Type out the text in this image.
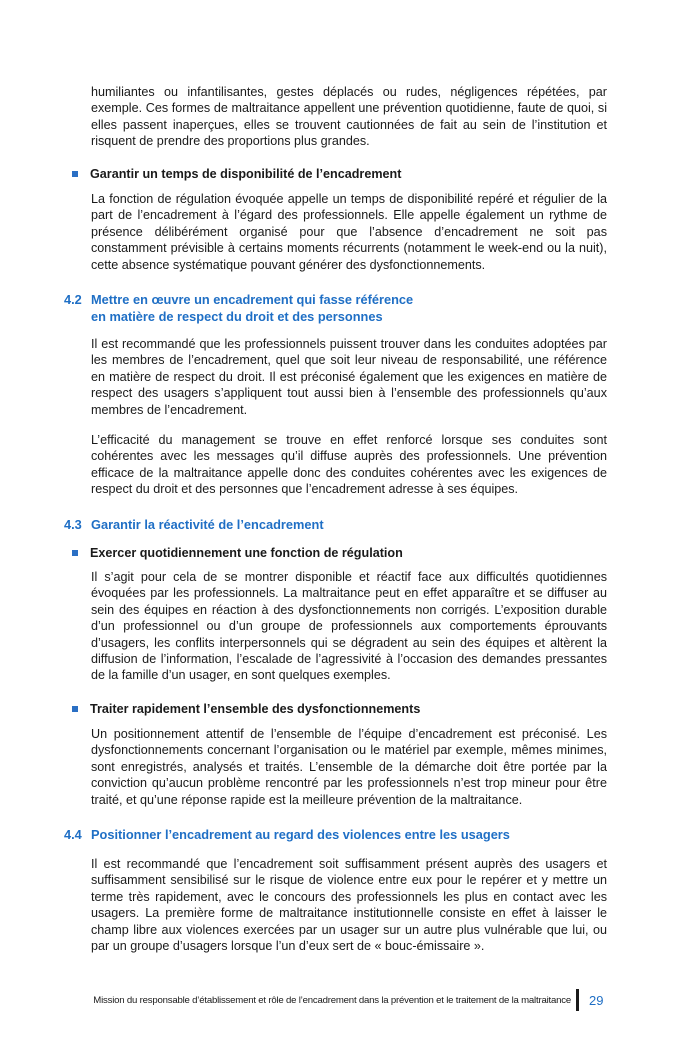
humiliantes ou infantilisantes, gestes déplacés ou rudes, négligences répétées, par exemple. Ces formes de maltraitance appellent une prévention quotidienne, faute de quoi, si elles passent inaperçues, elles se trouvent cautionnées de fait au sein de l’institution et risquent de prendre des proportions plus grandes.

Garantir un temps de disponibilité de l’encadrement

La fonction de régulation évoquée appelle un temps de disponibilité repéré et régulier de la part de l’encadrement à l’égard des professionnels. Elle appelle également un rythme de présence délibérément organisé pour que l’absence d’encadrement ne soit pas constamment prévisible à certains moments récurrents (notamment le week-end ou la nuit), cette absence systématique pouvant générer des dysfonctionnements.

4.2 Mettre en œuvre un encadrement qui fasse référence
en matière de respect du droit et des personnes

Il est recommandé que les professionnels puissent trouver dans les conduites adoptées par les membres de l’encadrement, quel que soit leur niveau de responsabilité, une référence en matière de respect du droit. Il est préconisé également que les exigences en matière de respect des usagers s’appliquent tout aussi bien à l’ensemble des professionnels qu’aux membres de l’encadrement.

L’efficacité du management se trouve en effet renforcé lorsque ses conduites sont cohérentes avec les messages qu’il diffuse auprès des professionnels. Une prévention efficace de la maltraitance appelle donc des conduites cohérentes avec les exigences de respect du droit et des personnes que l’encadrement adresse à ses équipes.

4.3 Garantir la réactivité de l’encadrement

Exercer quotidiennement une fonction de régulation

Il s’agit pour cela de se montrer disponible et réactif face aux difficultés quotidiennes évoquées par les professionnels. La maltraitance peut en effet apparaître et se diffuser au sein des équipes en réaction à des dysfonctionnements non corrigés. L’exposition durable d’un professionnel ou d’un groupe de professionnels aux comportements éprouvants d’usagers, les conflits interpersonnels qui se dégradent au sein des équipes et altèrent la diffusion de l’information, l’escalade de l’agressivité à l’occasion des demandes pressantes de la famille d’un usager, en sont quelques exemples.

Traiter rapidement l’ensemble des dysfonctionnements

Un positionnement attentif de l’ensemble de l’équipe d’encadrement est préconisé. Les dysfonctionnements concernant l’organisation ou le matériel par exemple, mêmes minimes, sont enregistrés, analysés et traités. L’ensemble de la démarche doit être portée par la conviction qu’aucun problème rencontré par les professionnels n’est trop mineur pour être traité, et qu’une réponse rapide est la meilleure prévention de la maltraitance.

4.4 Positionner l’encadrement au regard des violences entre les usagers

Il est recommandé que l’encadrement soit suffisamment présent auprès des usagers et suffisamment sensibilisé sur le risque de violence entre eux pour le repérer et y mettre un terme très rapidement, avec le concours des professionnels les plus en contact avec les usagers. La première forme de maltraitance institutionnelle consiste en effet à laisser le champ libre aux violences exercées par un usager sur un autre plus vulnérable que lui, ou par un groupe d’usagers lorsque l’un d’eux sert de « bouc-émissaire ».

Mission du responsable d’établissement et rôle de l’encadrement dans la prévention et le traitement de la maltraitance 29
